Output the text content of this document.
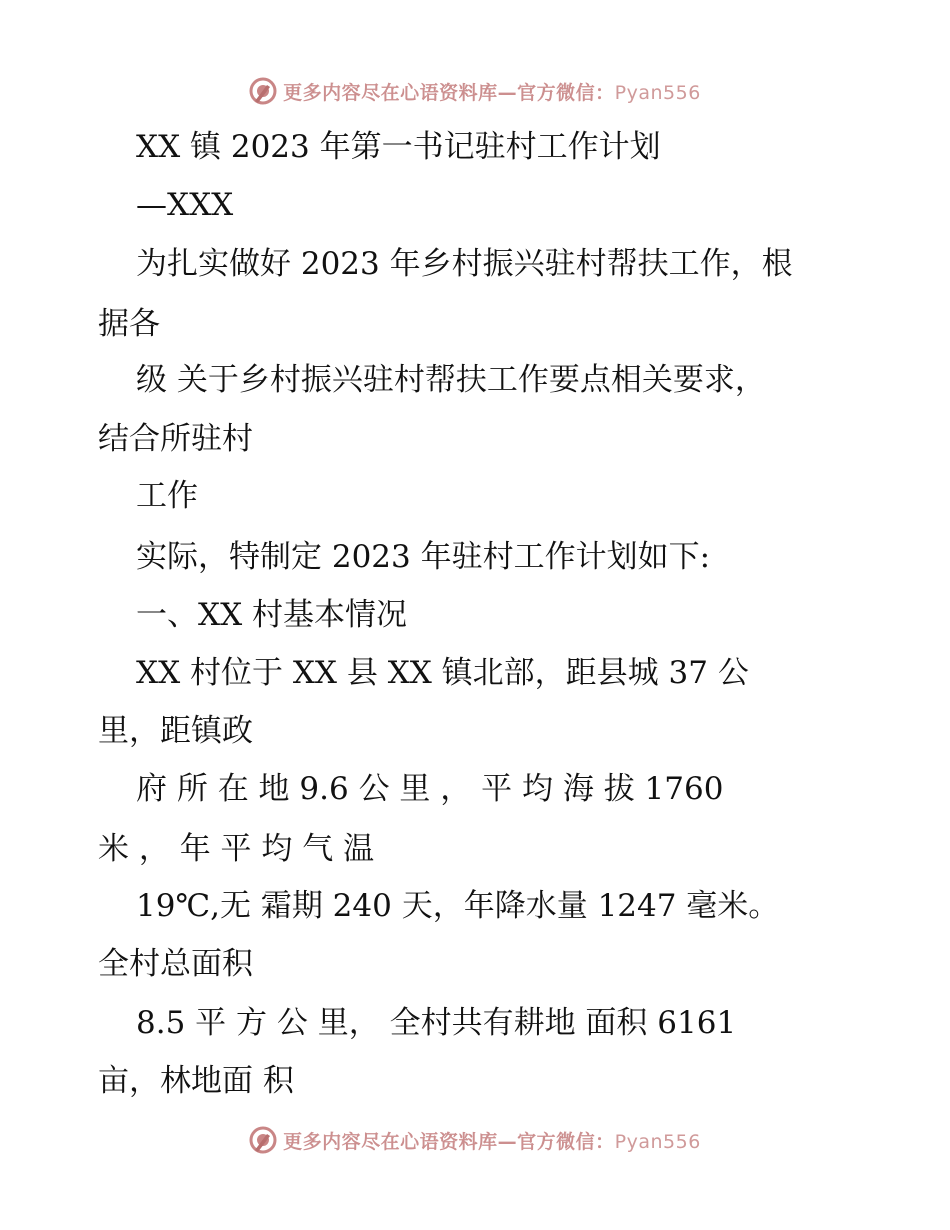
更多内容尽在心语资料库—官方微信：Pyan556
XX 镇 2023 年第一书记驻村工作计划
—XXX
为扎实做好 2023 年乡村振兴驻村帮扶工作，根
据各
级 关于乡村振兴驻村帮扶工作要点相关要求，
结合所驻村
工作
实际，特制定 2023 年驻村工作计划如下:
一、XX 村基本情况
XX 村位于 XX 县 XX 镇北部，距县城 37 公
里，距镇政
府 所 在 地 9.6 公 里 ， 平 均 海 拔 1760
米 ， 年 平 均 气 温
19℃,无 霜期 240 天，年降水量 1247 毫米。
全村总面积
8.5 平 方 公 里， 全村共有耕地 面积 6161
亩，林地面 积
更多内容尽在心语资料库—官方微信：Pyan556
